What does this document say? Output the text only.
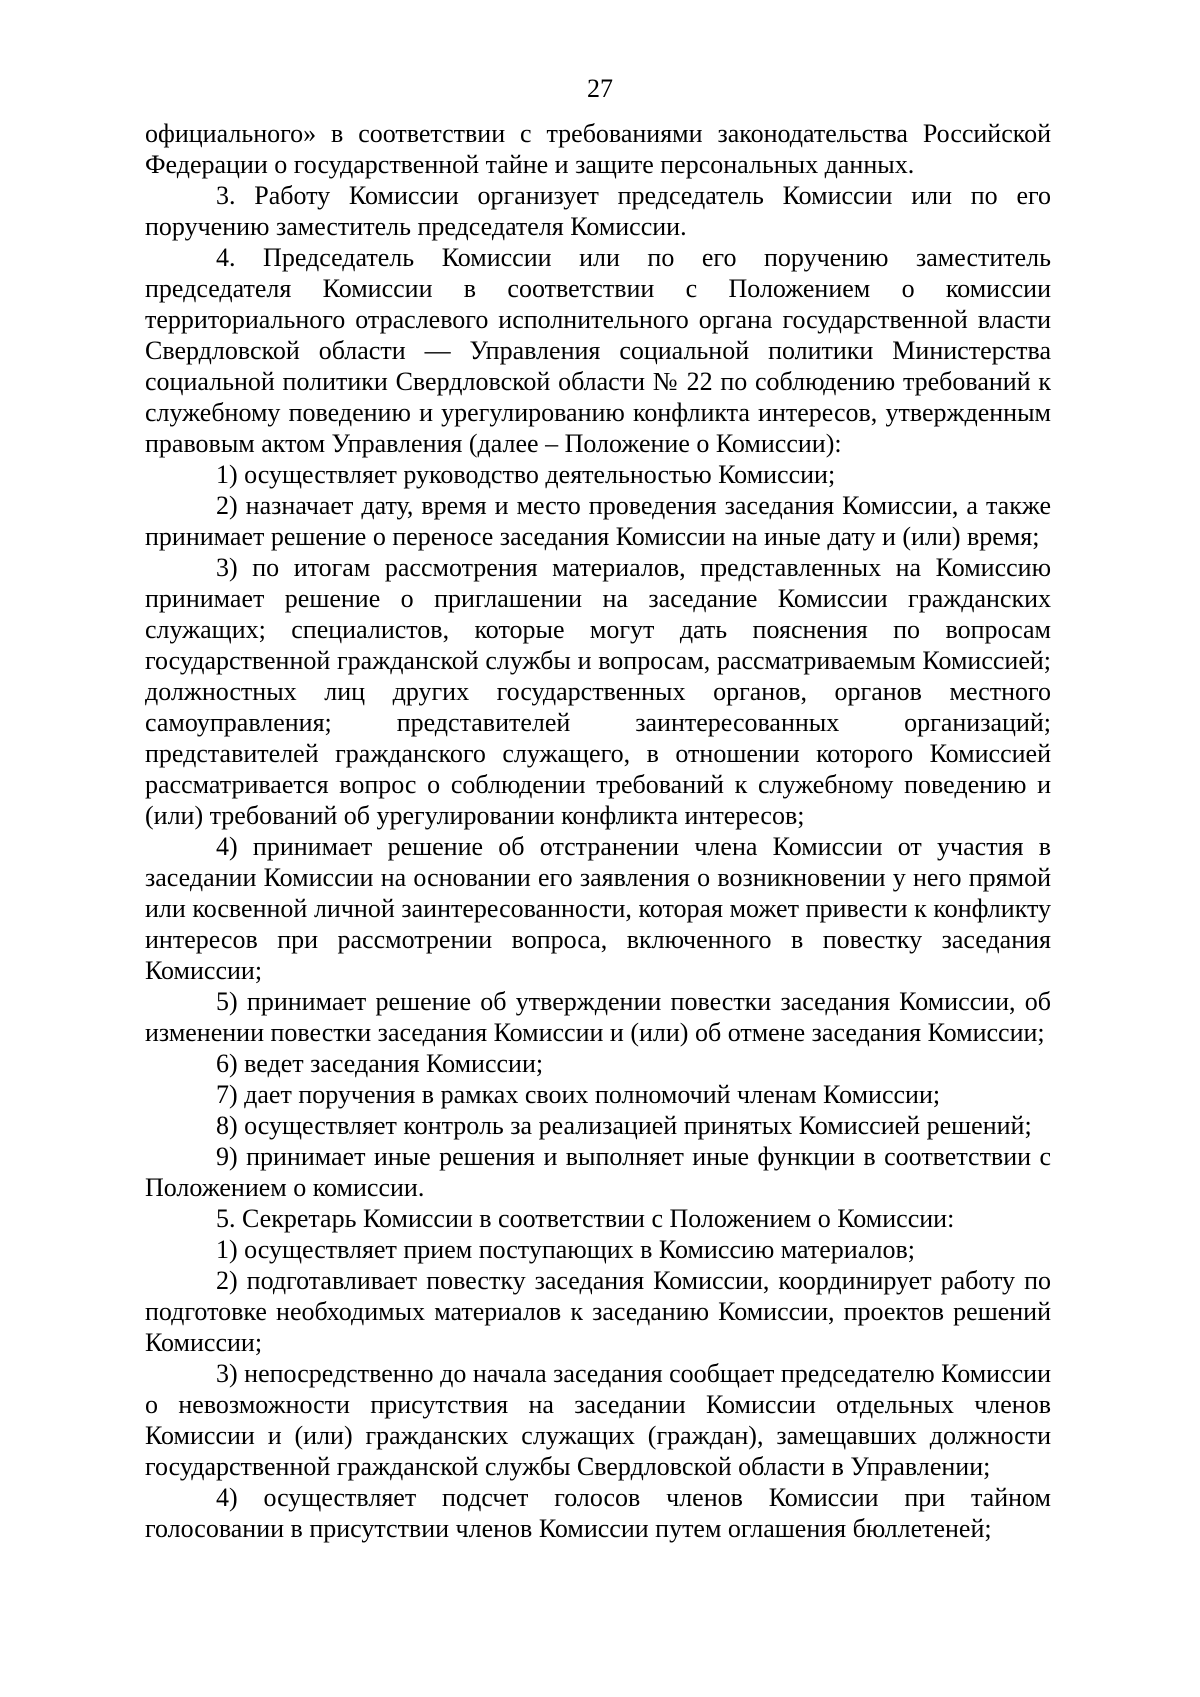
27

официального» в соответствии с требованиями законодательства Российской Федерации о государственной тайне и защите персональных данных.

3. Работу Комиссии организует председатель Комиссии или по его поручению заместитель председателя Комиссии.

4. Председатель Комиссии или по его поручению заместитель председателя Комиссии в соответствии с Положением о комиссии территориального отраслевого исполнительного органа государственной власти Свердловской области — Управления социальной политики Министерства социальной политики Свердловской области № 22 по соблюдению требований к служебному поведению и урегулированию конфликта интересов, утвержденным правовым актом Управления (далее – Положение о Комиссии):

1) осуществляет руководство деятельностью Комиссии;

2) назначает дату, время и место проведения заседания Комиссии, а также принимает решение о переносе заседания Комиссии на иные дату и (или) время;

3) по итогам рассмотрения материалов, представленных на Комиссию принимает решение о приглашении на заседание Комиссии гражданских служащих; специалистов, которые могут дать пояснения по вопросам государственной гражданской службы и вопросам, рассматриваемым Комиссией; должностных лиц других государственных органов, органов местного самоуправления; представителей заинтересованных организаций; представителей гражданского служащего, в отношении которого Комиссией рассматривается вопрос о соблюдении требований к служебному поведению и (или) требований об урегулировании конфликта интересов;

4) принимает решение об отстранении члена Комиссии от участия в заседании Комиссии на основании его заявления о возникновении у него прямой или косвенной личной заинтересованности, которая может привести к конфликту интересов при рассмотрении вопроса, включенного в повестку заседания Комиссии;

5) принимает решение об утверждении повестки заседания Комиссии, об изменении повестки заседания Комиссии и (или) об отмене заседания Комиссии;

6) ведет заседания Комиссии;

7) дает поручения в рамках своих полномочий членам Комиссии;

8) осуществляет контроль за реализацией принятых Комиссией решений;

9) принимает иные решения и выполняет иные функции в соответствии с Положением о комиссии.

5. Секретарь Комиссии в соответствии с Положением о Комиссии:

1) осуществляет прием поступающих в Комиссию материалов;

2) подготавливает повестку заседания Комиссии, координирует работу по подготовке необходимых материалов к заседанию Комиссии, проектов решений Комиссии;

3) непосредственно до начала заседания сообщает председателю Комиссии о невозможности присутствия на заседании Комиссии отдельных членов Комиссии и (или) гражданских служащих (граждан), замещавших должности государственной гражданской службы Свердловской области в Управлении;

4) осуществляет подсчет голосов членов Комиссии при тайном голосовании в присутствии членов Комиссии путем оглашения бюллетеней;
